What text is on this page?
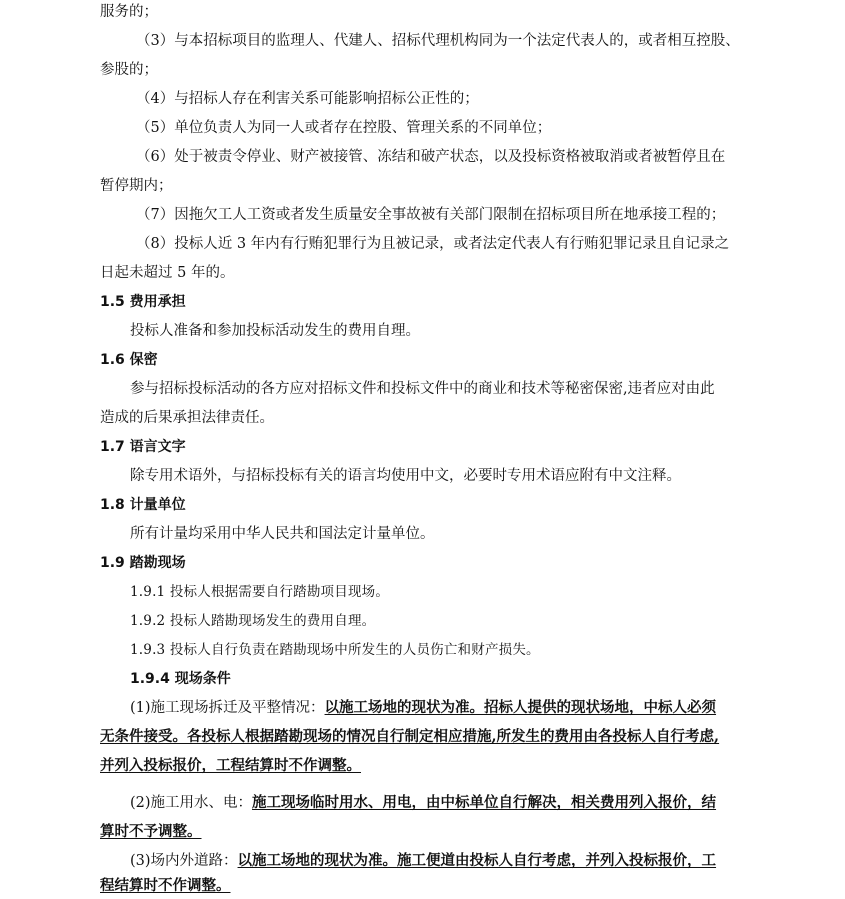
服务的；
（3）与本招标项目的监理人、代建人、招标代理机构同为一个法定代表人的，或者相互控股、
参股的；
（4）与招标人存在利害关系可能影响招标公正性的；
（5）单位负责人为同一人或者存在控股、管理关系的不同单位；
（6）处于被责令停业、财产被接管、冻结和破产状态，以及投标资格被取消或者被暂停且在
暂停期内；
（7）因拖欠工人工资或者发生质量安全事故被有关部门限制在招标项目所在地承接工程的；
（8）投标人近 3 年内有行贿犯罪行为且被记录，或者法定代表人有行贿犯罪记录且自记录之
日起未超过 5 年的。
1.5 费用承担
投标人准备和参加投标活动发生的费用自理。
1.6 保密
参与招标投标活动的各方应对招标文件和投标文件中的商业和技术等秘密保密,违者应对由此
造成的后果承担法律责任。
1.7 语言文字
除专用术语外，与招标投标有关的语言均使用中文，必要时专用术语应附有中文注释。
1.8 计量单位
所有计量均采用中华人民共和国法定计量单位。
1.9 踏勘现场
1.9.1 投标人根据需要自行踏勘项目现场。
1.9.2 投标人踏勘现场发生的费用自理。
1.9.3 投标人自行负责在踏勘现场中所发生的人员伤亡和财产损失。
1.9.4 现场条件
(1)施工现场拆迁及平整情况：以施工场地的现状为准。招标人提供的现状场地，中标人必须
无条件接受。各投标人根据踏勘现场的情况自行制定相应措施,所发生的费用由各投标人自行考虑,
并列入投标报价，工程结算时不作调整。
(2)施工用水、电：施工现场临时用水、用电，由中标单位自行解决，相关费用列入报价，结
算时不予调整。
(3)场内外道路：以施工场地的现状为准。施工便道由投标人自行考虑，并列入投标报价，工
程结算时不作调整。
